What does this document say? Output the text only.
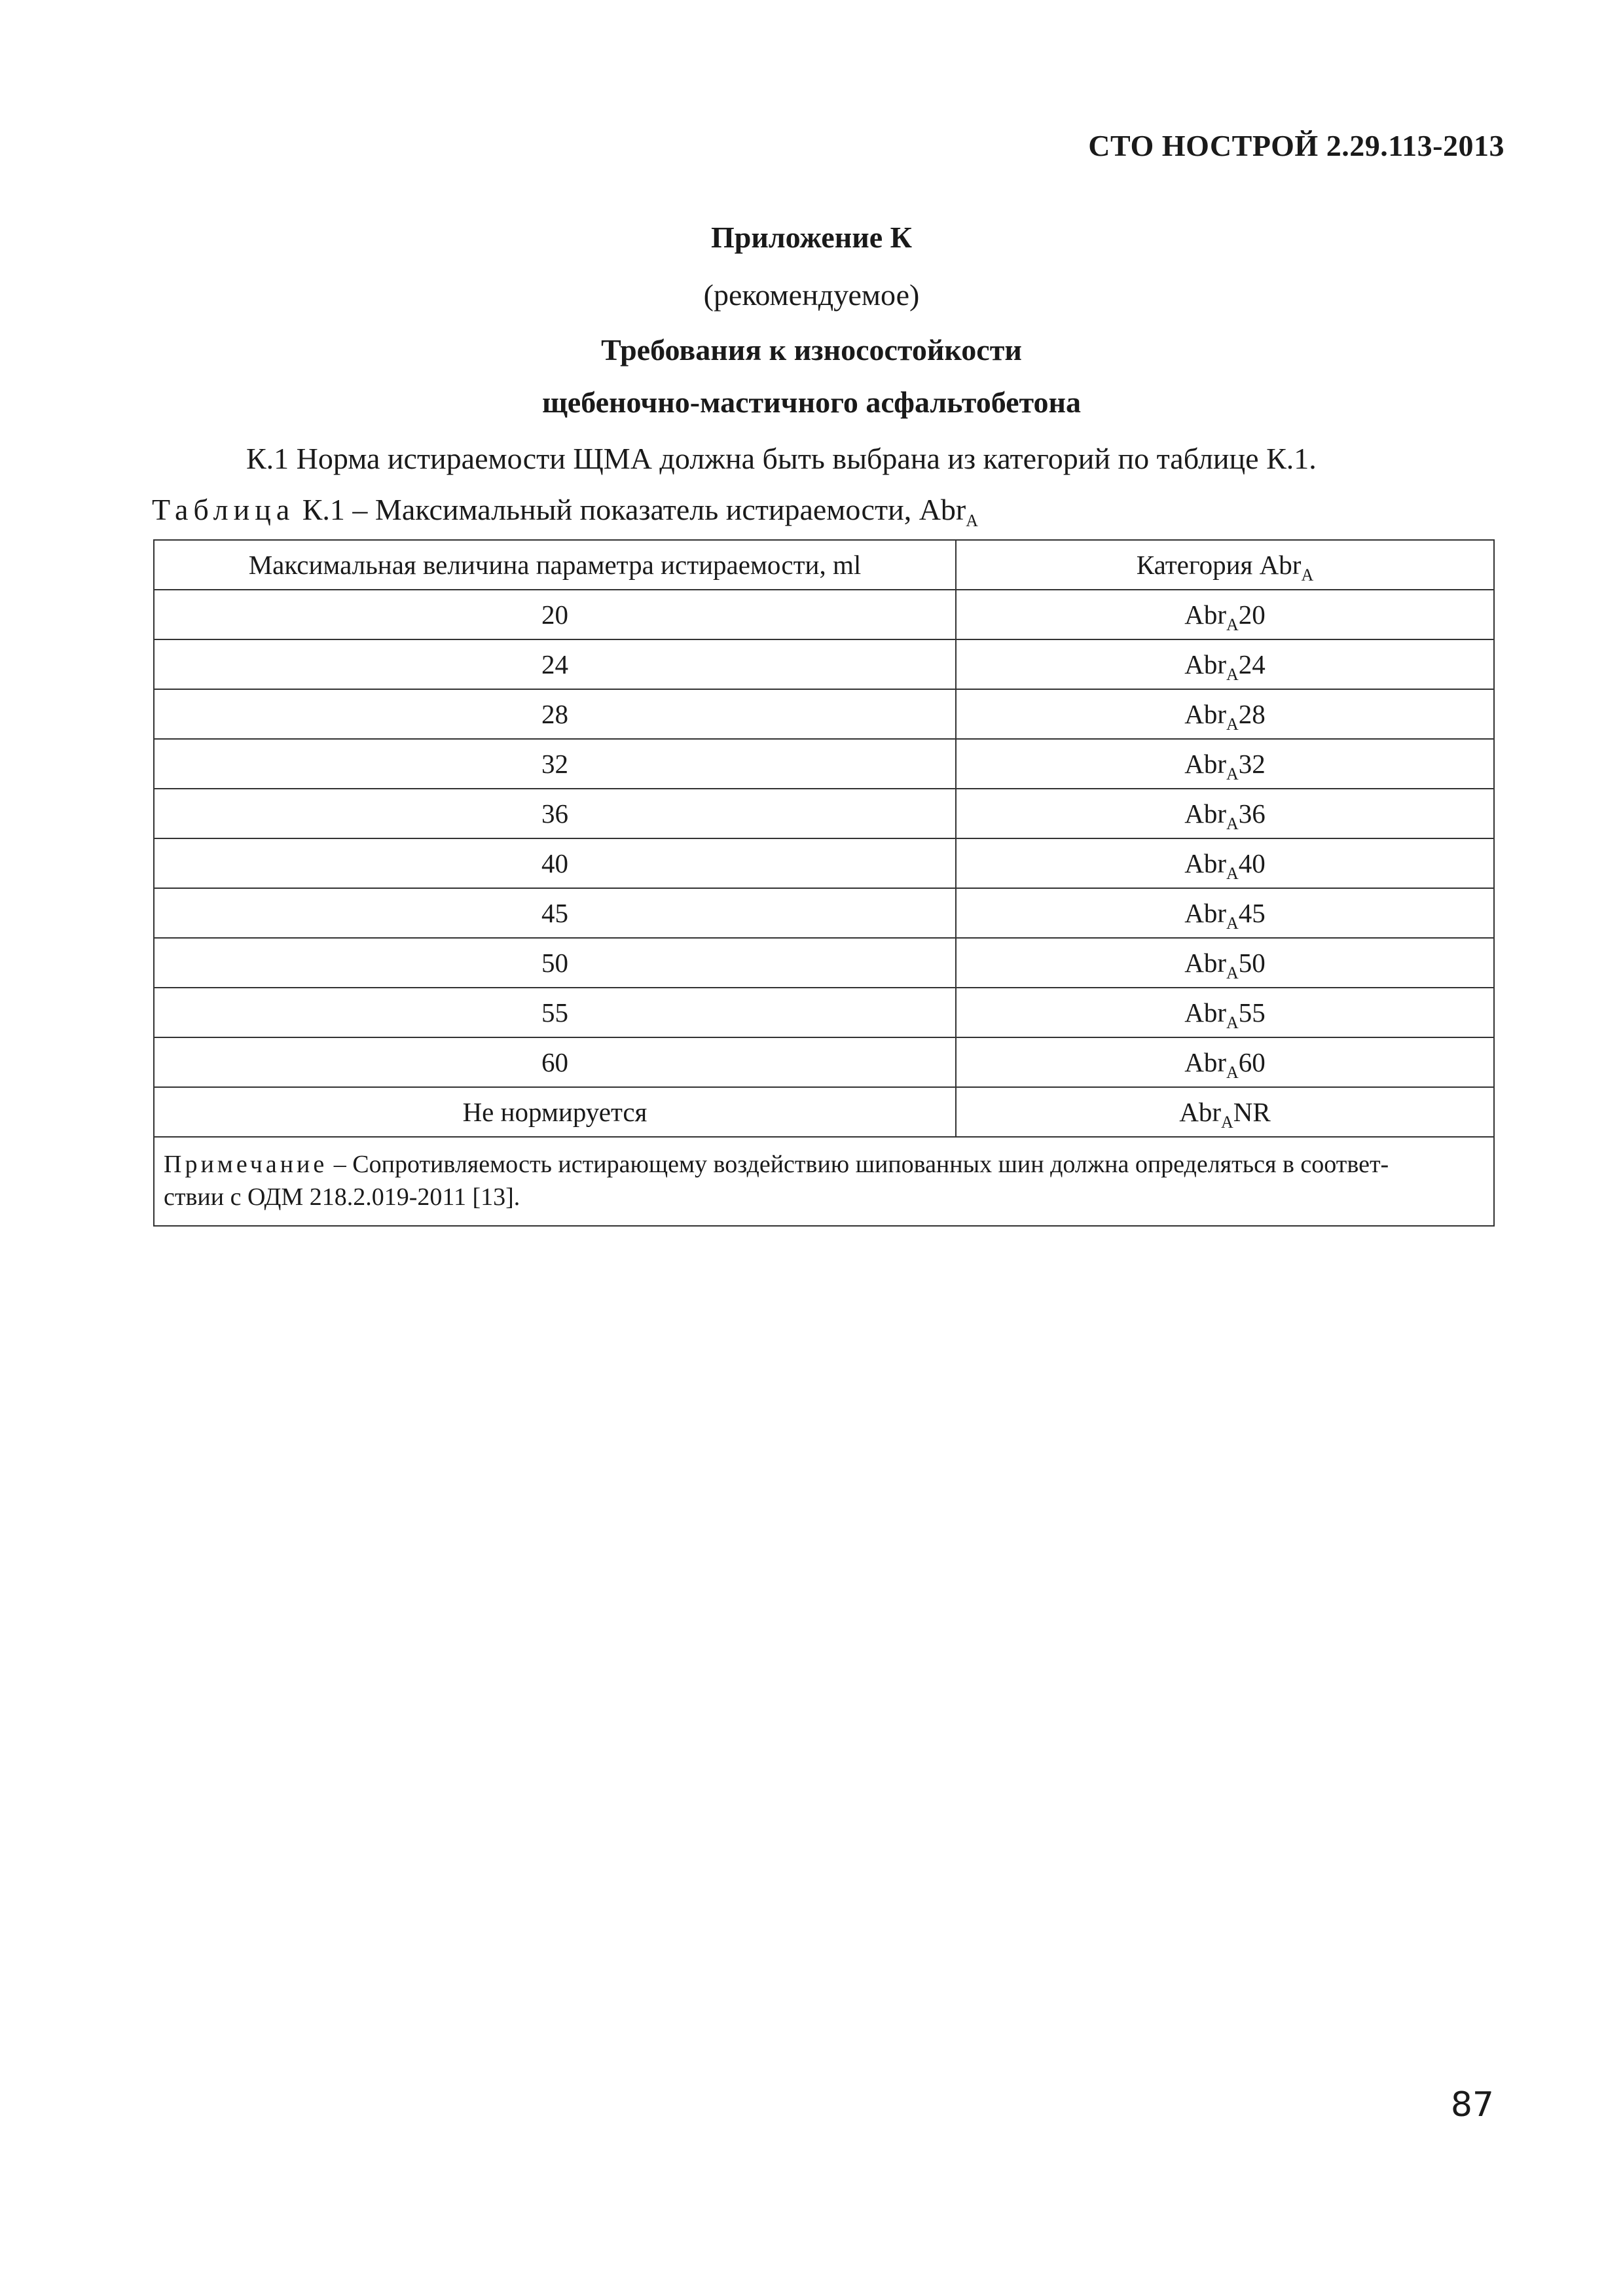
СТО НОСТРОЙ 2.29.113-2013
Приложение К
(рекомендуемое)
Требования к износостойкости
щебеночно-мастичного асфальтобетона
К.1 Норма истираемости ЩМА должна быть выбрана из категорий по таблице К.1.
Таблица К.1 – Максимальный показатель истираемости, Abr$_A$
Максимальная величина параметра истираемости, ml	Категория Abr$_A$
20	Abr$_A$20
24	Abr$_A$24
28	Abr$_A$28
32	Abr$_A$32
36	Abr$_A$36
40	Abr$_A$40
45	Abr$_A$45
50	Abr$_A$50
55	Abr$_A$55
60	Abr$_A$60
Не нормируется	Abr$_A$NR
Примечание – Сопротивляемость истирающему воздействию шипованных шин должна определяться в соответ-
ствии с ОДМ 218.2.019-2011 [13].	
87
